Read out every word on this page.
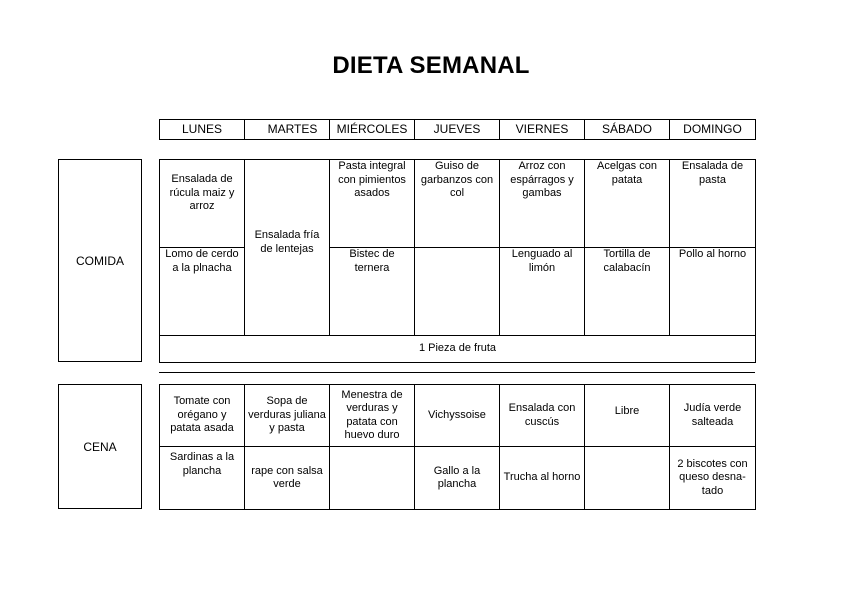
DIETA SEMANAL
LUNES	MARTES	MIÉRCOLES	JUEVES	VIERNES	SÁBADO	DOMINGO
COMIDA
Ensalada de rúcula maiz y arroz	Ensalada fría de lentejas	Pasta integral con pimientos asados	Guiso de garbanzos con col	Arroz con espárragos y gambas	Acelgas con patata	Ensalada de pasta
Lomo de cerdo a la plnacha		Bistec de ternera		Lenguado al limón	Tortilla de calabacín	Pollo al horno
1 Pieza de fruta						
CENA
Tomate con orégano y patata asada	Sopa de verduras juliana y pasta	Menestra de verduras y patata con huevo duro	Vichyssoise	Ensalada con cuscús	Libre	Judía verde salteada
Sardinas a la plancha	rape con salsa verde		Gallo a la plancha	Trucha al horno		2 biscotes con queso desna-tado
